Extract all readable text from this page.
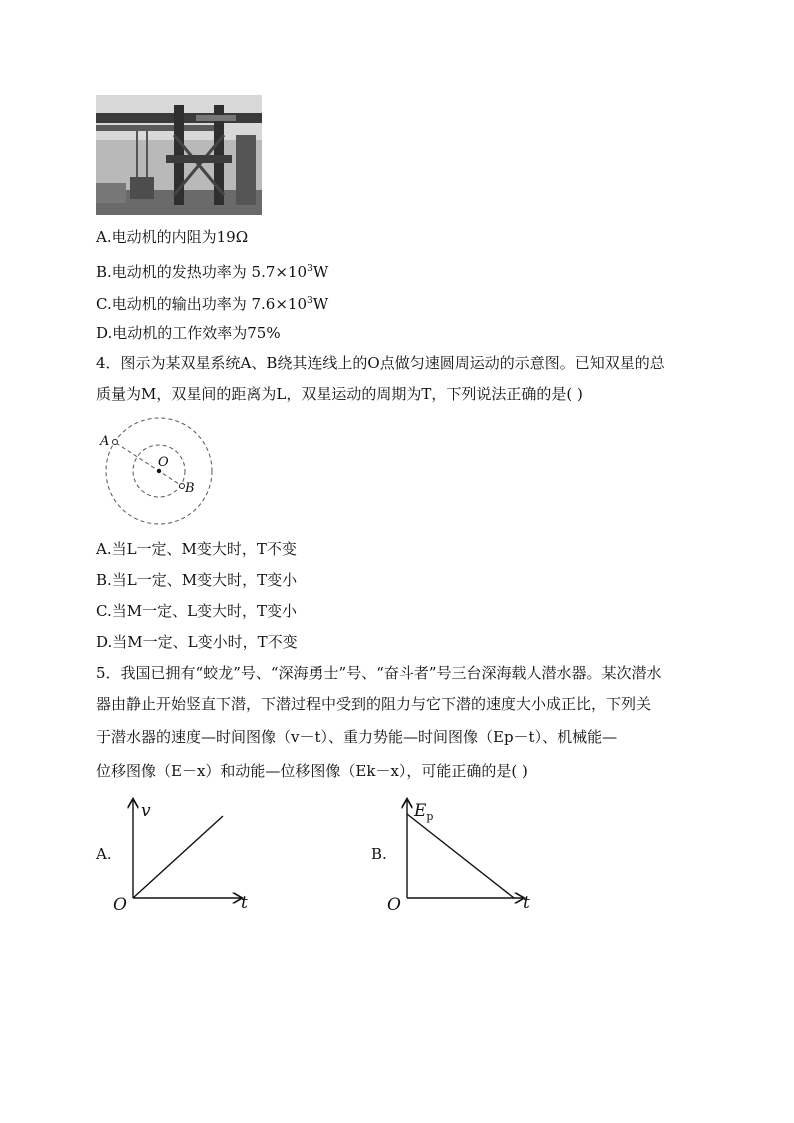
A.电动机的内阻为19Ω
B.电动机的发热功率为 $5.7\times 10^3W$
C.电动机的输出功率为 $7.6\times 10^3W$
D.电动机的工作效率为75%
4．图示为某双星系统A、B绕其连线上的O点做匀速圆周运动的示意图。已知双星的总
质量为M，双星间的距离为L，双星运动的周期为T，下列说法正确的是( )
A
O
B
A.当L一定、M变大时，T不变
B.当L一定、M变大时，T变小
C.当M一定、L变大时，T变小
D.当M一定、L变小时，T不变
5．我国已拥有“蛟龙”号、“深海勇士”号、“奋斗者”号三台深海载人潜水器。某次潜水
器由静止开始竖直下潜，下潜过程中受到的阻力与它下潜的速度大小成正比，下列关
于潜水器的速度—时间图像（v－t）、重力势能—时间图像（Ep－t）、机械能—
位移图像（E－x）和动能—位移图像（Ek－x），可能正确的是( )
A.
v
t
O
B.
$E_p$
t
O
